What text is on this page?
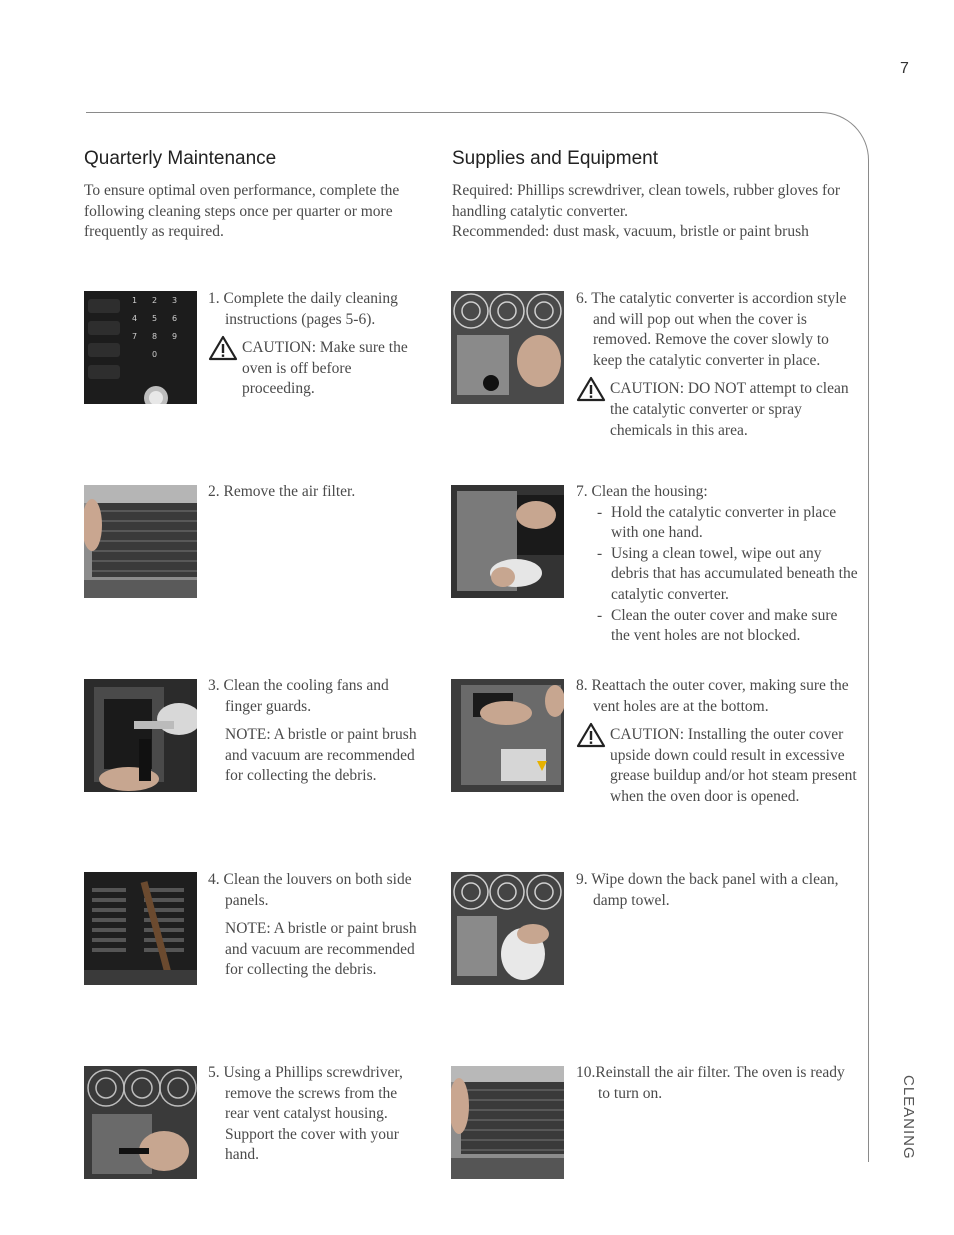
7
CLEANING
Quarterly Maintenance

To ensure optimal oven performance, complete the following cleaning steps once per quarter or more frequently as required.

Supplies and Equipment

Required: Phillips screwdriver, clean towels, rubber gloves for handling catalytic converter.

Recommended: dust mask, vacuum, bristle or paint brush

1 2 3
4 5 6
7 8 9
0

1. Complete the daily cleaning instructions (pages 5-6).

CAUTION: Make sure the oven is off before proceeding.

2. Remove the air filter.

3. Clean the cooling fans and finger guards.

NOTE: A bristle or paint brush and vacuum are recommended for collecting the debris.

4. Clean the louvers on both side panels.

NOTE: A bristle or paint brush and vacuum are recommended for collecting the debris.

5. Using a Phillips screwdriver, remove the screws from the rear vent catalyst housing. Support the cover with your hand.

6. The catalytic converter is accordion style and will pop out when the cover is removed. Remove the cover slowly to keep the catalytic converter in place.

CAUTION: DO NOT attempt to clean the catalytic converter or spray chemicals in this area.

7. Clean the housing:

- Hold the catalytic converter in place with one hand.
- Using a clean towel, wipe out any debris that has accumulated beneath the catalytic converter.
- Clean the outer cover and make sure the vent holes are not blocked.

8. Reattach the outer cover, making sure the vent holes are at the bottom.

CAUTION: Installing the outer cover upside down could result in excessive grease buildup and/or hot steam present when the oven door is opened.

9. Wipe down the back panel with a clean, damp towel.

10.Reinstall the air filter. The oven is ready to turn on.
